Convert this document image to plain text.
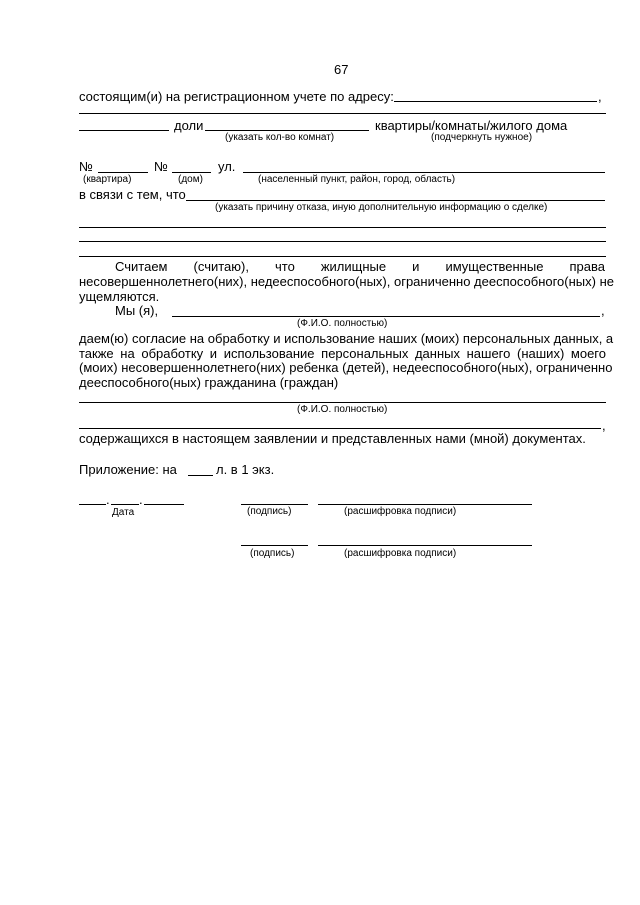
67
состоящим(и) на регистрационном учете по адресу:	,
доли	квартиры/комнаты/жилого дома
(указать кол-во комнат)	(подчеркнуть нужное)
№	№	ул.
(квартира)	(дом)	(населенный пункт, район, город, область)
в связи с тем, что
(указать причину отказа, иную дополнительную информацию о сделке)
Считаем (считаю), что жилищные и имущественные права
несовершеннолетнего(них), недееспособного(ных), ограниченно дееспособного(ных) не
ущемляются.
Мы (я),	,
(Ф.И.О. полностью)
даем(ю) согласие на обработку и использование наших (моих) персональных данных, а
также на обработку и использование персональных данных нашего (наших) моего
(моих) несовершеннолетнего(них) ребенка (детей), недееспособного(ных), ограниченно
дееспособного(ных) гражданина (граждан)
(Ф.И.О. полностью)
,
содержащихся в настоящем заявлении и представленных нами (мной) документах.
Приложение: на	л. в 1 экз.
. .
Дата	(подпись)	(расшифровка подписи)
(подпись)	(расшифровка подписи)
